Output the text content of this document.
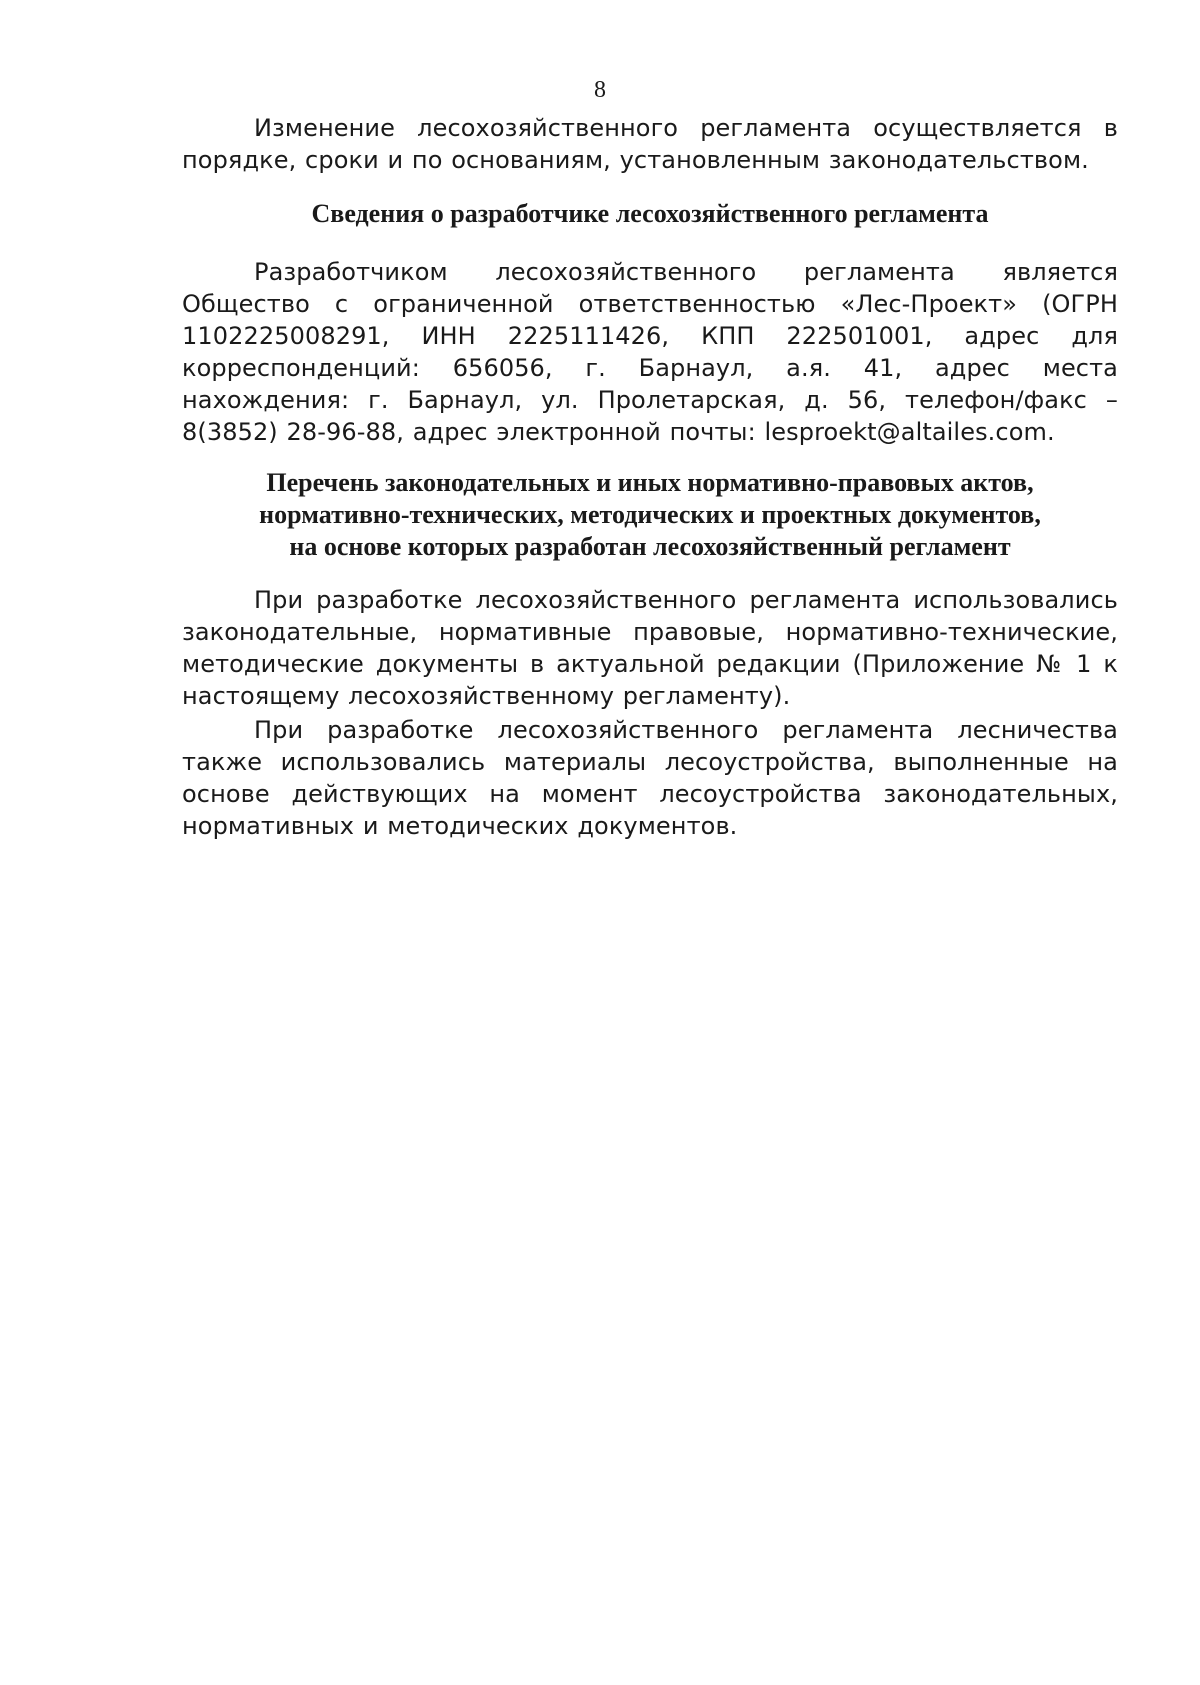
8

Изменение лесохозяйственного регламента осуществляется в порядке, сроки и по основаниям, установленным законодательством.

Сведения о разработчике лесохозяйственного регламента

Разработчиком лесохозяйственного регламента является Общество с ограниченной ответственностью «Лес-Проект» (ОГРН 1102225008291, ИНН 2225111426, КПП 222501001, адрес для корреспонденций: 656056, г. Барнаул, а.я. 41, адрес места нахождения: г. Барнаул, ул. Пролетарская, д. 56, телефон/факс – 8(3852) 28-96-88, адрес электронной почты: lesproekt@altailes.com.

Перечень законодательных и иных нормативно-правовых актов,
нормативно-технических, методических и проектных документов,
на основе которых разработан лесохозяйственный регламент

При разработке лесохозяйственного регламента использовались законодательные, нормативные правовые, нормативно-технические, методические документы в актуальной редакции (Приложение № 1 к настоящему лесохозяйственному регламенту).

При разработке лесохозяйственного регламента лесничества также использовались материалы лесоустройства, выполненные на основе действующих на момент лесоустройства законодательных, нормативных и методических документов.
